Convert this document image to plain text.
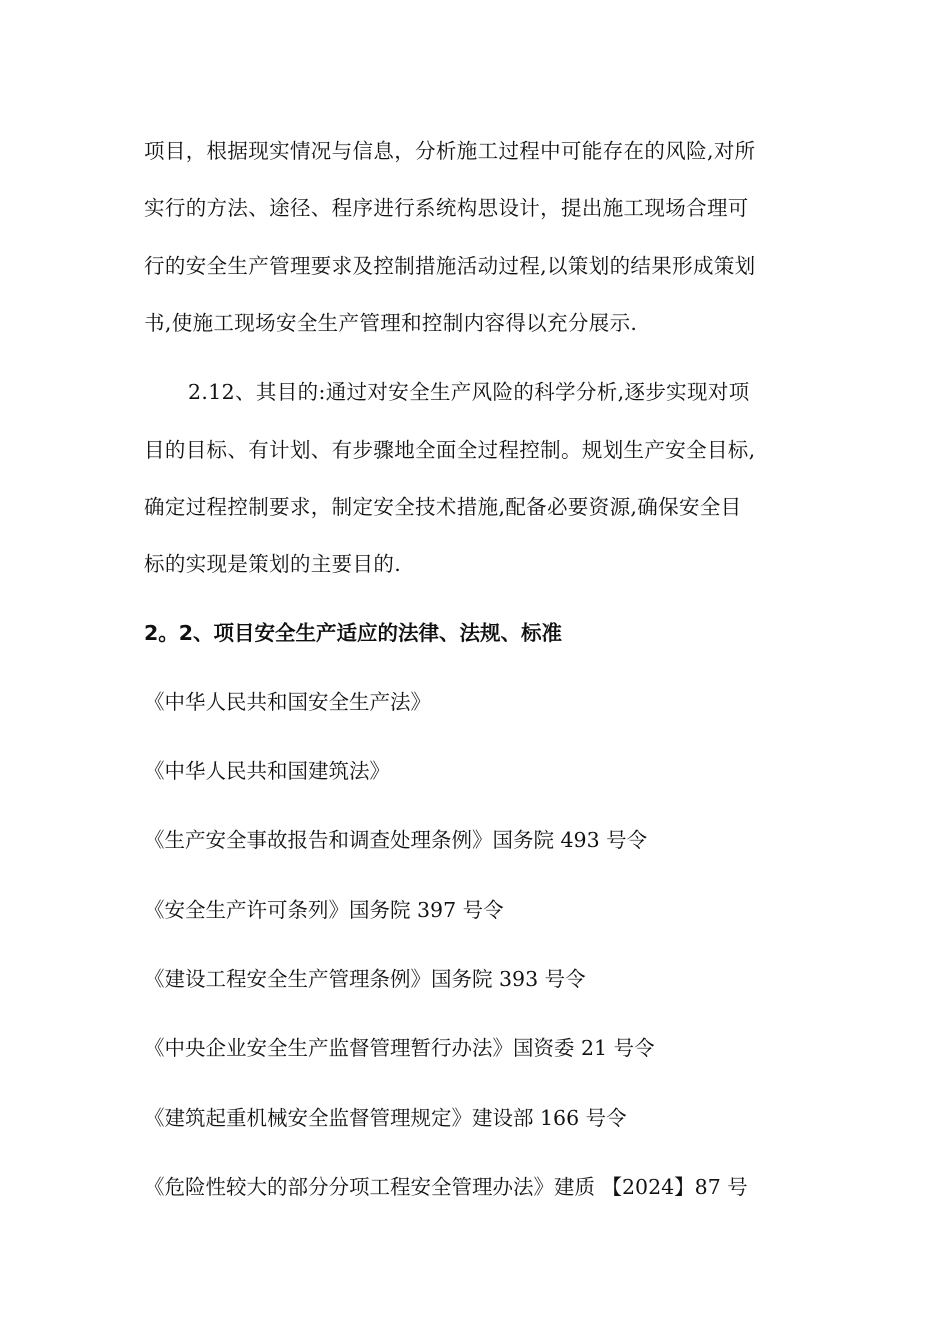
项目，根据现实情况与信息，分析施工过程中可能存在的风险,对所
实行的方法、途径、程序进行系统构思设计，提出施工现场合理可
行的安全生产管理要求及控制措施活动过程,以策划的结果形成策划
书,使施工现场安全生产管理和控制内容得以充分展示.
2.12、其目的:通过对安全生产风险的科学分析,逐步实现对项
目的目标、有计划、有步骤地全面全过程控制。规划生产安全目标,
确定过程控制要求，制定安全技术措施,配备必要资源,确保安全目
标的实现是策划的主要目的.
2。2、项目安全生产适应的法律、法规、标准
《中华人民共和国安全生产法》
《中华人民共和国建筑法》
《生产安全事故报告和调查处理条例》国务院 493 号令
《安全生产许可条列》国务院 397 号令
《建设工程安全生产管理条例》国务院 393 号令
《中央企业安全生产监督管理暂行办法》国资委 21 号令
《建筑起重机械安全监督管理规定》建设部 166 号令
《危险性较大的部分分项工程安全管理办法》建质 【2024】87 号
